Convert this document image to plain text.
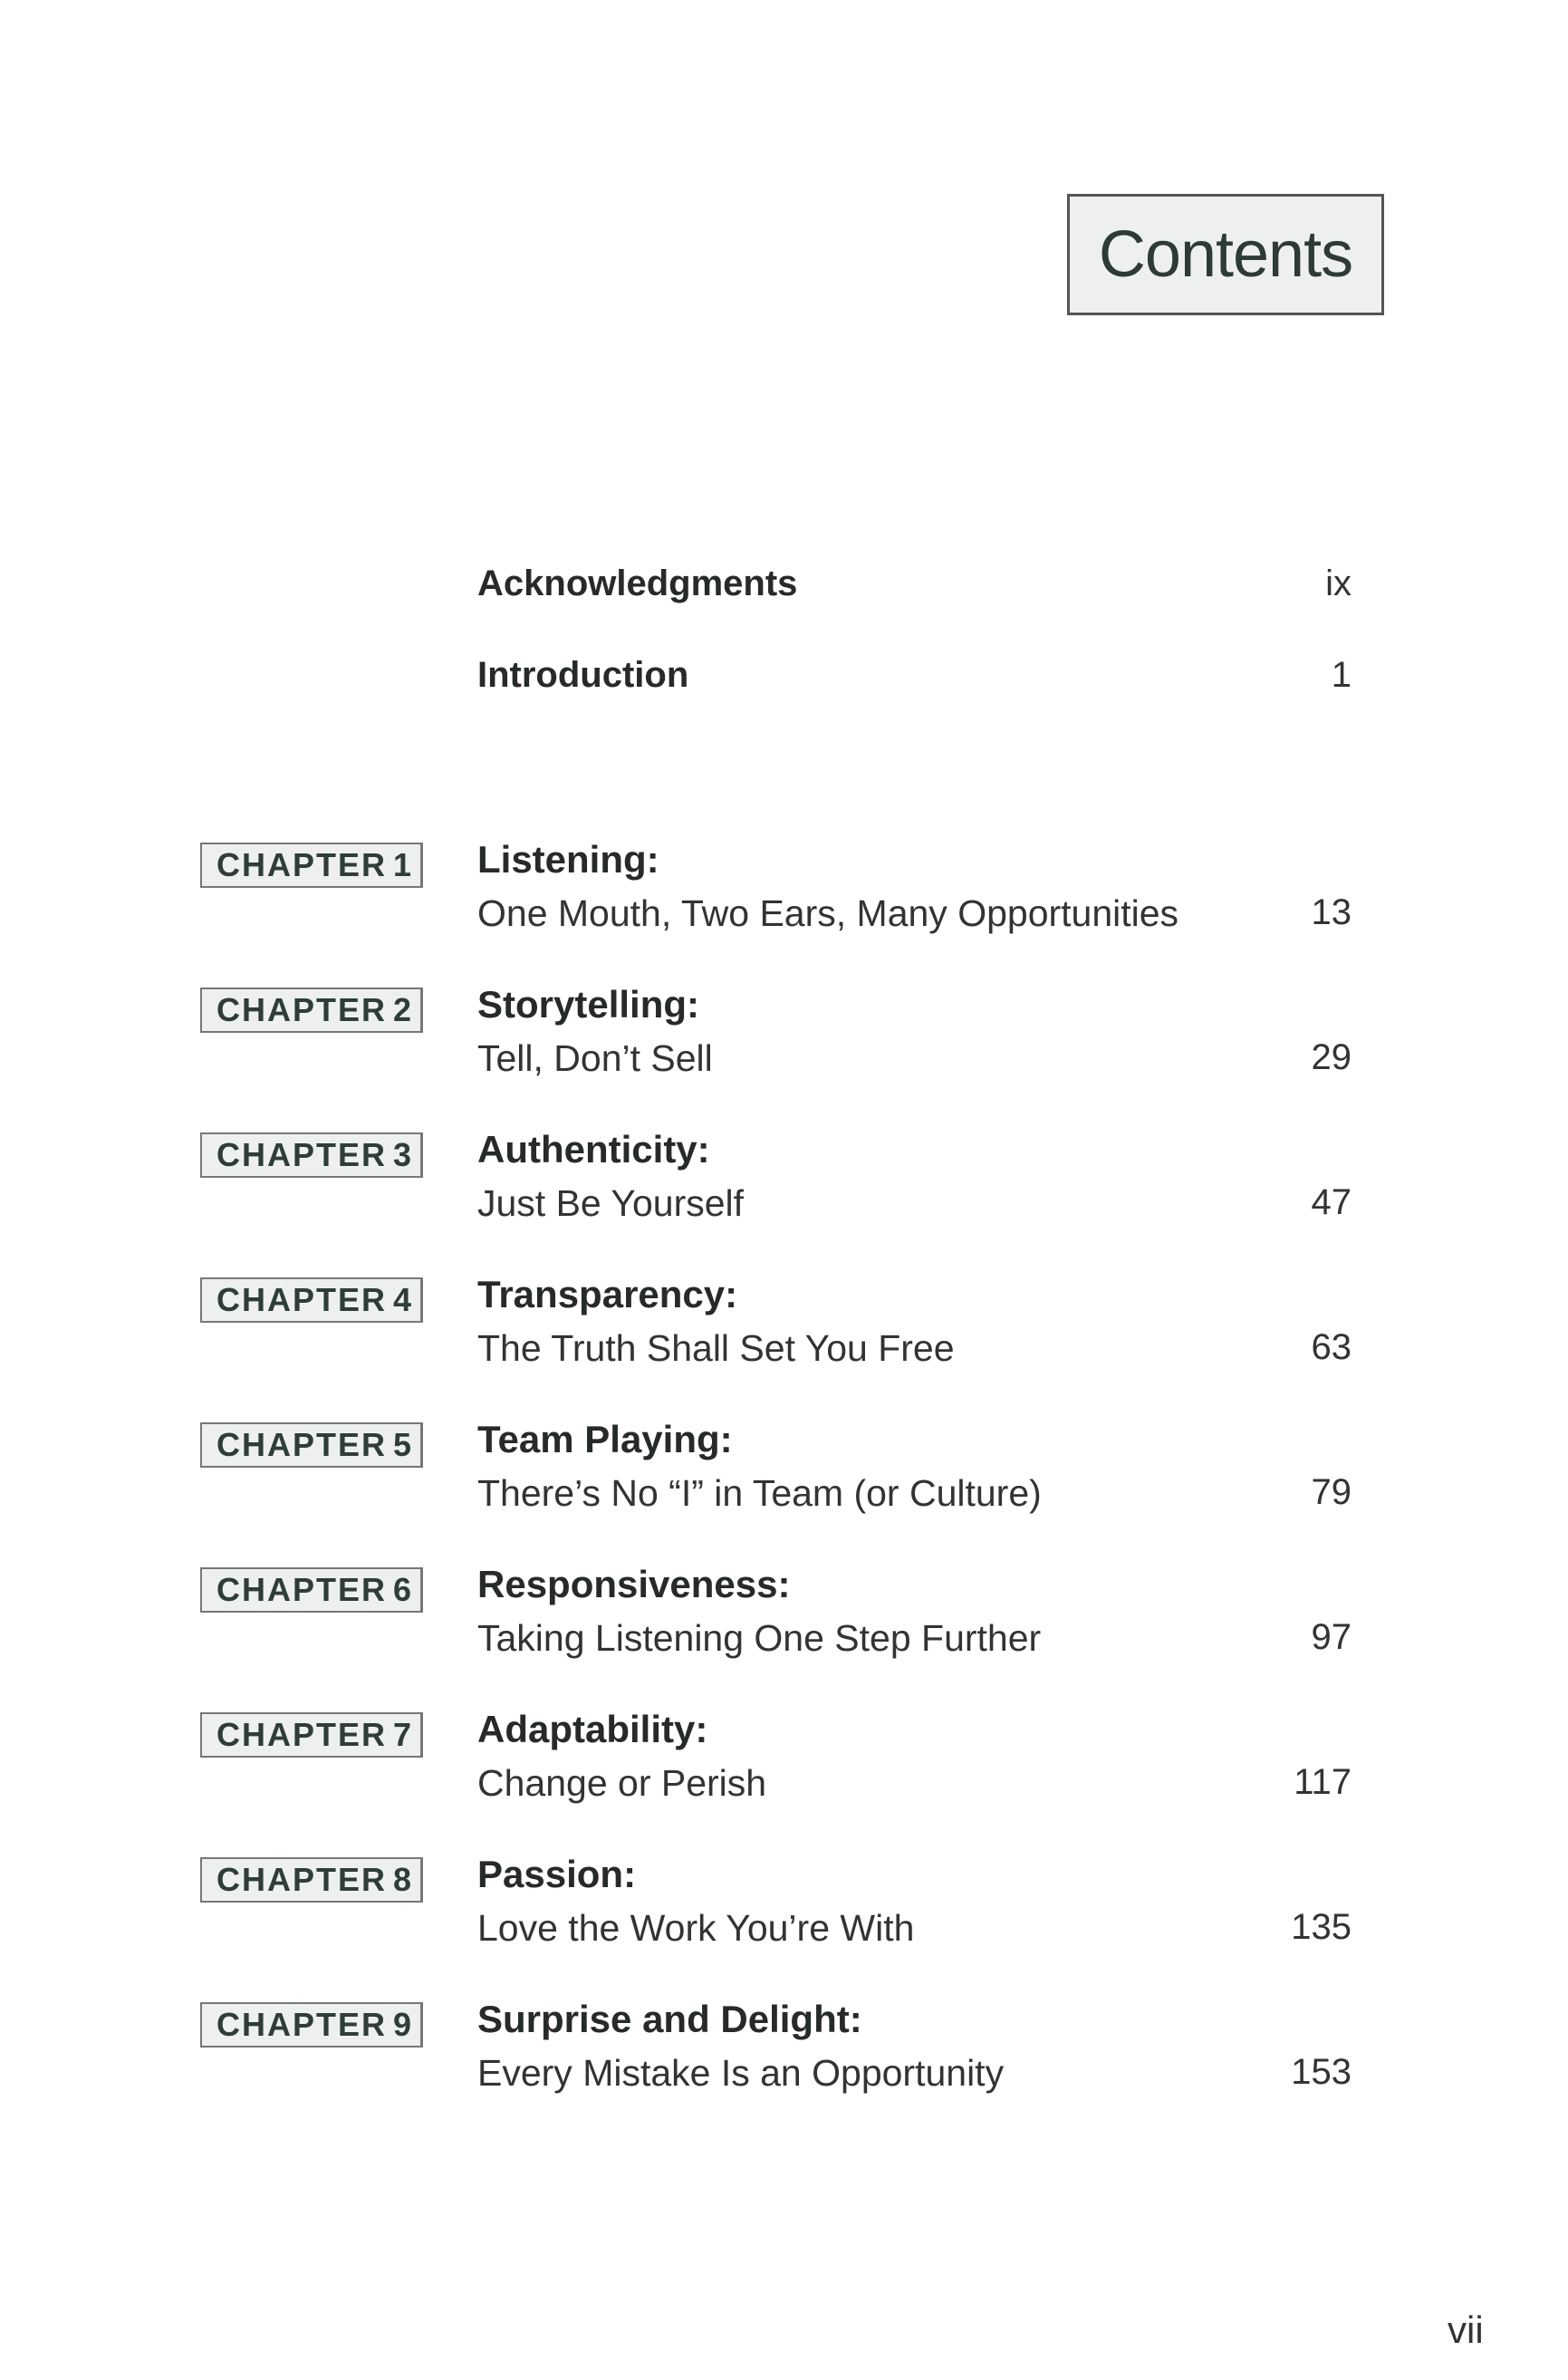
Contents
Acknowledgments	ix
Introduction	1
CHAPTER 1 Listening:
One Mouth, Two Ears, Many Opportunities	13
CHAPTER 2 Storytelling:
Tell, Don’t Sell	29
CHAPTER 3 Authenticity:
Just Be Yourself	47
CHAPTER 4 Transparency:
The Truth Shall Set You Free	63
CHAPTER 5 Team Playing:
There’s No “I” in Team (or Culture)	79
CHAPTER 6 Responsiveness:
Taking Listening One Step Further	97
CHAPTER 7 Adaptability:
Change or Perish	117
CHAPTER 8 Passion:
Love the Work You’re With	135
CHAPTER 9 Surprise and Delight:
Every Mistake Is an Opportunity	153
vii
